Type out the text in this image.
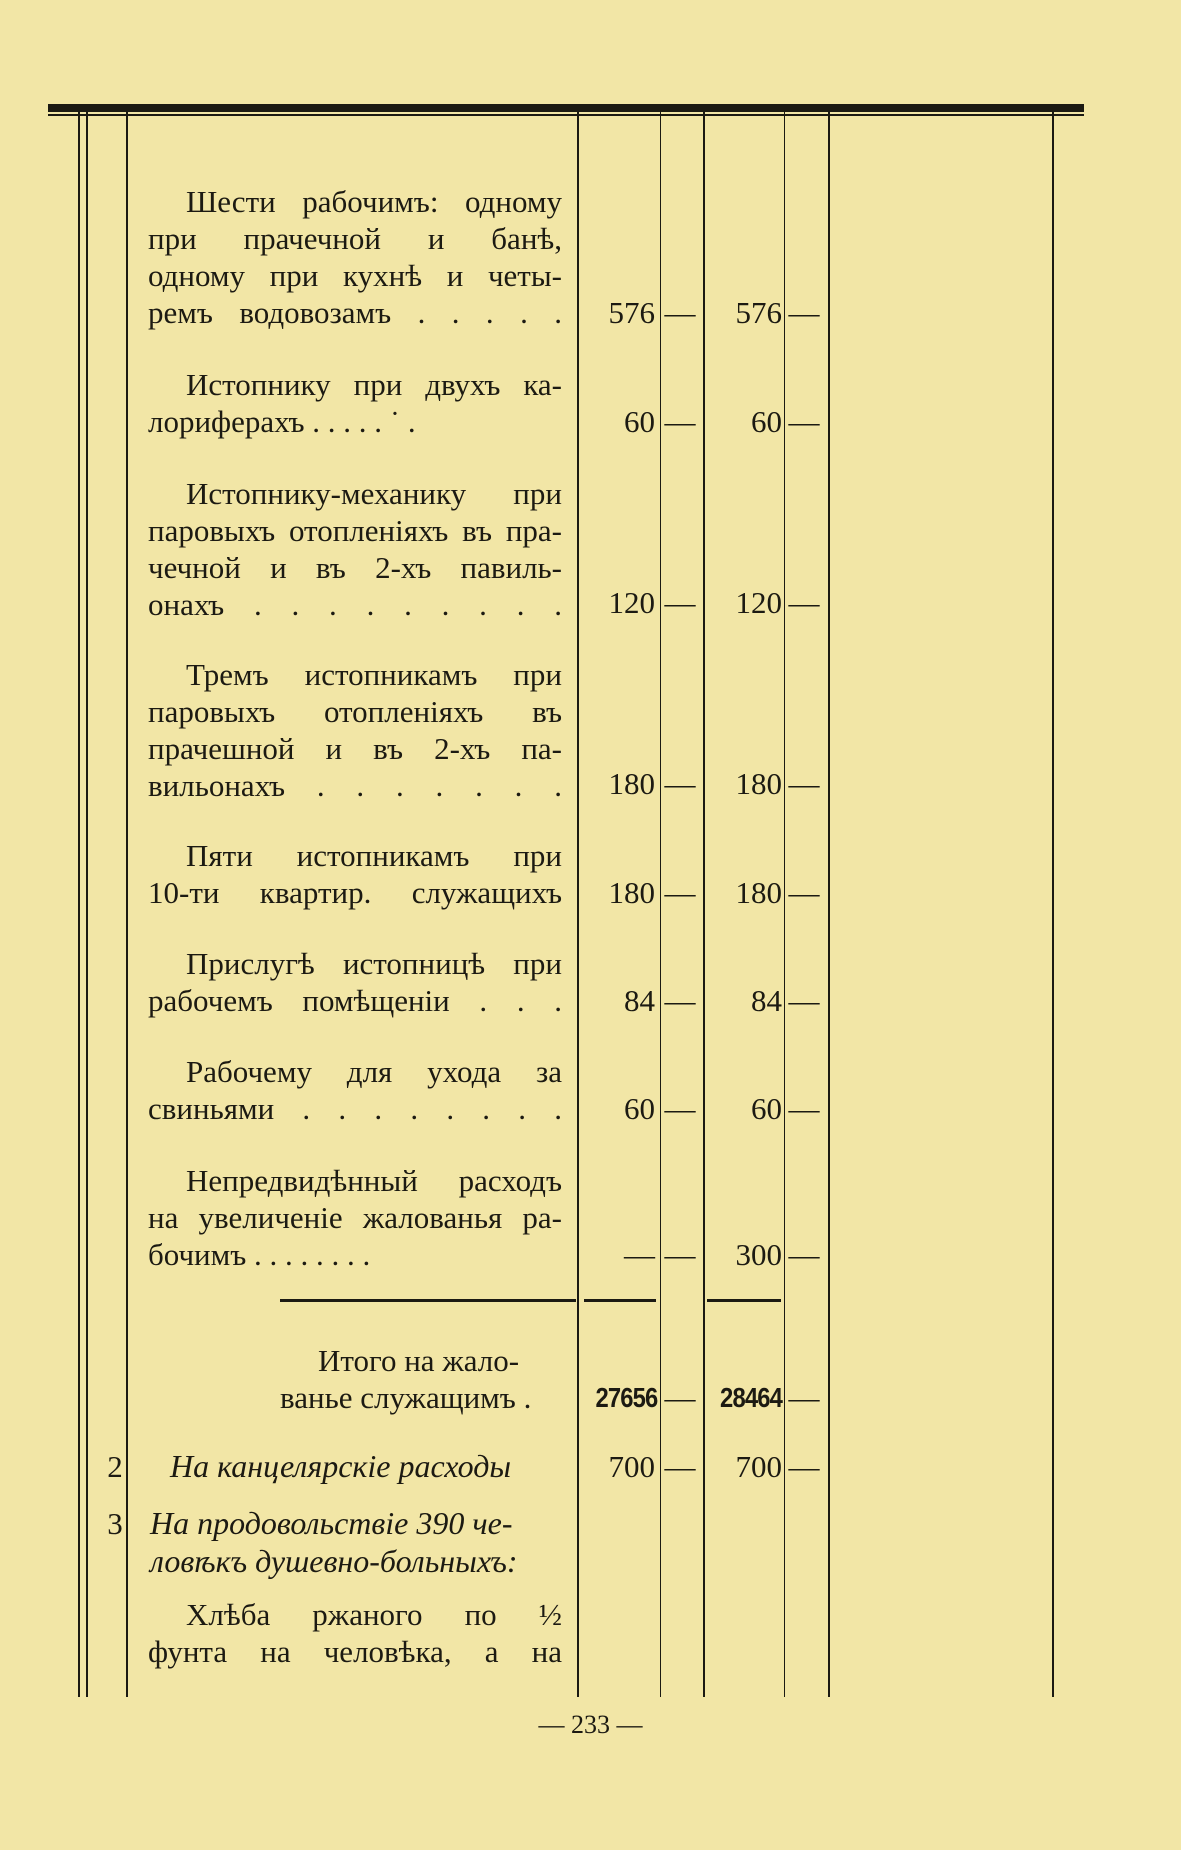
Шести рабочимъ: одному
при прачечной и банѣ,
одному при кухнѣ и четы-
ремъ водовозамъ . . . . .	576 —	576 —
Истопнику при двухъ ка-
лориферахъ . . . . . ˙ .	60 —	60 —
Истопнику-механику при
паровыхъ отопленіяхъ въ пра-
чечной и въ 2-хъ павиль-
онахъ . . . . . . . . .	120 —	120 —
Тремъ истопникамъ при
паровыхъ отопленіяхъ въ
прачешной и въ 2-хъ па-
вильонахъ . . . . . . .	180 —	180 —
Пяти истопникамъ при
10-ти квартир. служащихъ	180 —	180 —
Прислугѣ истопницѣ при
рабочемъ помѣщеніи . . .	84 —	84 —
Рабочему для ухода за
свиньями . . . . . . . .	60 —	60 —
Непредвидѣнный расходъ
на увеличеніе жалованья ра-
бочимъ . . . . . . . .	— —	300 —
Итого на жало-
ванье служащимъ . 27656 — 28464 —
2 На канцелярскіе расходы	700 —	700 —
3 На продовольствіе 390 че-
ловѣкъ душевно-больныхъ:
Хлѣба ржаного по ½
фунта на человѣка, а на
— 233 —
